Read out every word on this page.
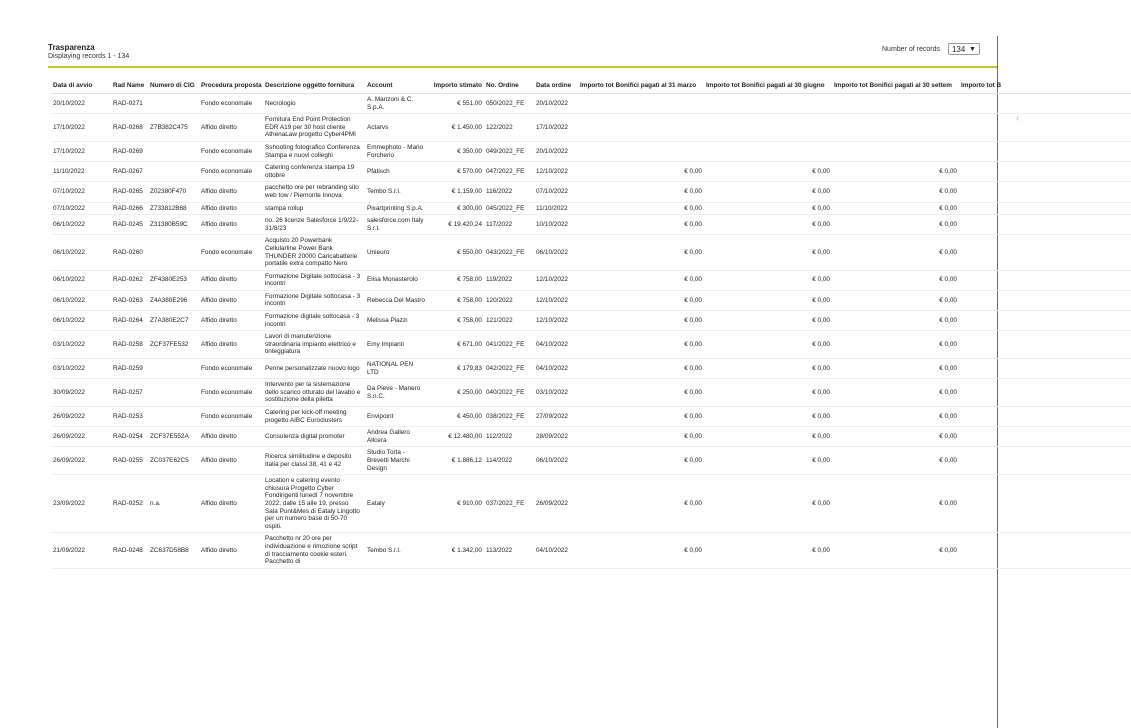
Trasparenza
Displaying records 1 - 134
Number of records 134 ▼
‹
Data di avvio	Rad Name	Numero di CIG	Procedura proposta	Descrizione oggetto fornitura	Account	Importo stimato	No. Ordine	Data ordine	Importo tot Bonifici pagati al 31 marzo	Importo tot Bonifici pagati al 30 giugno	Importo tot Bonifici pagati al 30 settem	Importo tot B
20/10/2022	RAD-0271		Fondo economale	Necrologio	A. Manzoni & C. S.p.A.	€ 551,00	050/2022_FE	20/10/2022				
17/10/2022	RAD-0268	Z7B382C475	Affido diretto	Fornitura End Point Protection EDR A19 per 30 host cliente AthenaLaw progetto Cyber4PMI	Actarvs	€ 1.450,00	122/2022	17/10/2022				
17/10/2022	RAD-0269		Fondo economale	Sshooting fotografico Conferenza Stampa e nuovi colleghi	Emmephoto - Mario Forcherio	€ 350,00	049/2022_FE	20/10/2022				
11/10/2022	RAD-0267		Fondo economale	Catering conferenza stampa 19 ottobre	Pfatisch	€ 570,00	047/2022_FE	12/10/2022	€ 0,00	€ 0,00	€ 0,00	
07/10/2022	RAD-0265	Z02380F470	Affido diretto	pacchetto ore per rebranding sito web tow / Piemonte Innova	Tembo S.r.l.	€ 1.159,00	116/2022	07/10/2022	€ 0,00	€ 0,00	€ 0,00	
07/10/2022	RAD-0266	Z733812B68	Affido diretto	stampa rollup	Pixartprinting S.p.A.	€ 300,00	045/2022_FE	11/10/2022	€ 0,00	€ 0,00	€ 0,00	
06/10/2022	RAD-0245	Z31380B59C	Affido diretto	no. 26 licenze Salesforce 1/9/22-31/8/23	salesforce.com Italy S.r.l.	€ 19.420,24	117/2022	10/10/2022	€ 0,00	€ 0,00	€ 0,00	
06/10/2022	RAD-0260		Fondo economale	Acquisto 20 Powerbank Cellularline Power Bank THUNDER 20000 Caricabatterie portatile extra compatto Nero	Unieuro	€ 550,00	043/2022_FE	06/10/2022	€ 0,00	€ 0,00	€ 0,00	
06/10/2022	RAD-0262	ZF4380E253	Affido diretto	Formazione Digitale sottocasa - 3 incontri	Elisa Monasterolo	€ 758,00	119/2022	12/10/2022	€ 0,00	€ 0,00	€ 0,00	
06/10/2022	RAD-0263	Z4A380E296	Affido diretto	Formazione Digitale sottocasa - 3 incontri	Rebecca Del Mastro	€ 758,00	120/2022	12/10/2022	€ 0,00	€ 0,00	€ 0,00	
06/10/2022	RAD-0264	Z7A380E2C7	Affido diretto	Formazione digitale sottocasa - 3 incontri	Melissa Piazzi	€ 758,00	121/2022	12/10/2022	€ 0,00	€ 0,00	€ 0,00	
03/10/2022	RAD-0258	ZCF37FE532	Affido diretto	Lavori di manutenzione straordinaria impianto elettrico e tinteggiatura	Emy Impianti	€ 671,00	041/2022_FE	04/10/2022	€ 0,00	€ 0,00	€ 0,00	
03/10/2022	RAD-0259		Fondo economale	Penne personalizzate nuovo logo	NATIONAL PEN LTD	€ 179,83	042/2022_FE	04/10/2022	€ 0,00	€ 0,00	€ 0,00	
30/09/2022	RAD-0257		Fondo economale	Intervento per la sistemazione dello scarico otturato del lavabo e sostituzione della piletta	Da Pieve - Manero S.n.C.	€ 250,00	040/2022_FE	03/10/2022	€ 0,00	€ 0,00	€ 0,00	
26/09/2022	RAD-0253		Fondo economale	Catering per kick-off meeting progetto AIBC Euroclusters	Envipoint	€ 450,00	038/2022_FE	27/09/2022	€ 0,00	€ 0,00	€ 0,00	
26/09/2022	RAD-0254	ZCF37E552A	Affido diretto	Consulenza digital promoter	Andrea Gallero Allcera	€ 12.480,00	112/2022	28/09/2022	€ 0,00	€ 0,00	€ 0,00	
26/09/2022	RAD-0255	ZC037E62C5	Affido diretto	Ricerca similitudine e deposito Italia per classi 38, 41 e 42	Studio Torta - Brevetti Marchi Design	€ 1.886,12	114/2022	06/10/2022	€ 0,00	€ 0,00	€ 0,00	
23/09/2022	RAD-0252	n.a.	Affido diretto	Location e catering evento chiusura Progetto Cyber Fondirigenti lunedì 7 novembre 2022, dalle 15 alle 19, presso Sala Punt&Mes di Eataly Lingotto per un numero base di 50-70 ospiti.	Eataly	€ 910,00	037/2022_FE	26/09/2022	€ 0,00	€ 0,00	€ 0,00	
21/09/2022	RAD-0248	ZC637D58B8	Affido diretto	Pacchetto nr 20 ore per individuazione e rimozione script di tracciamento cookie esteri. Pacchetto di	Tembo S.r.l.	€ 1.342,00	113/2022	04/10/2022	€ 0,00	€ 0,00	€ 0,00	
